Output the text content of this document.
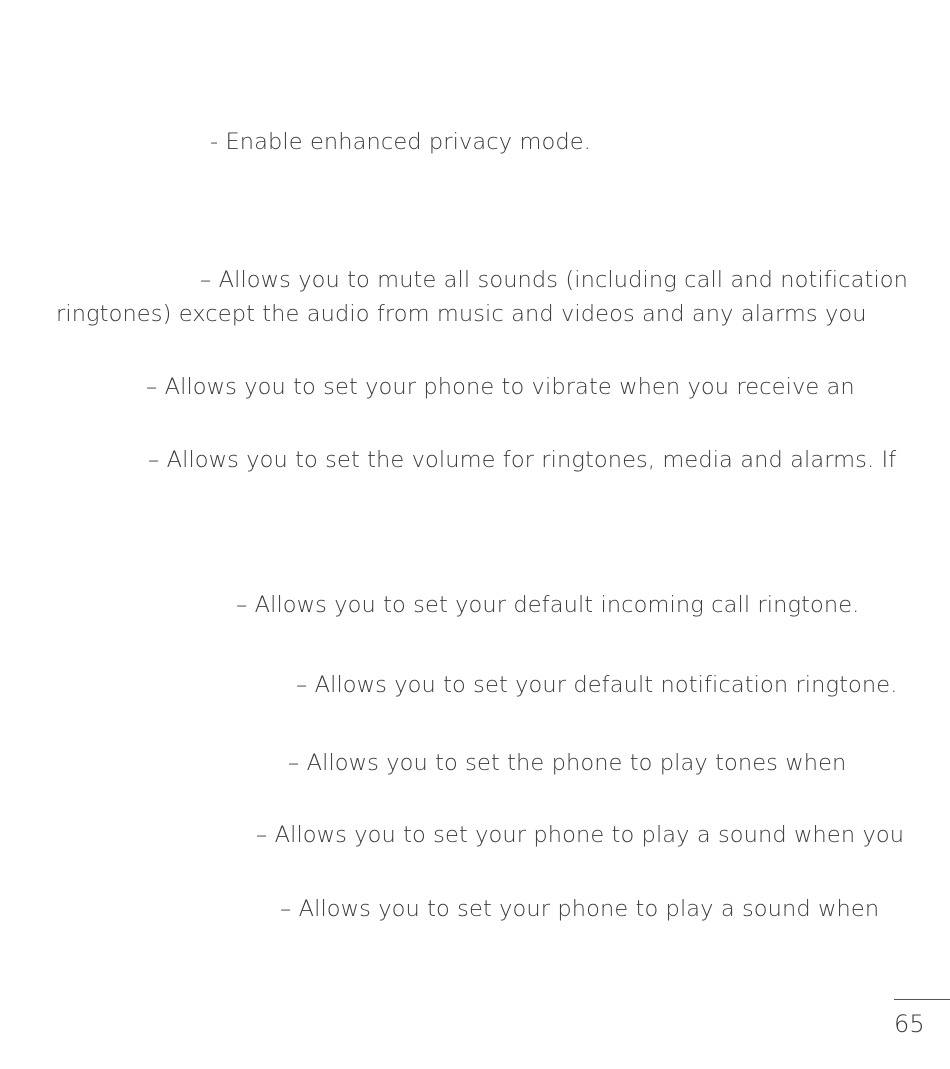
- Enable enhanced privacy mode.
– Allows you to mute all sounds (including call and notification
ringtones) except the audio from music and videos and any alarms you
– Allows you to set your phone to vibrate when you receive an
– Allows you to set the volume for ringtones, media and alarms. If
– Allows you to set your default incoming call ringtone.
– Allows you to set your default notification ringtone.
– Allows you to set the phone to play tones when
– Allows you to set your phone to play a sound when you
– Allows you to set your phone to play a sound when
65
